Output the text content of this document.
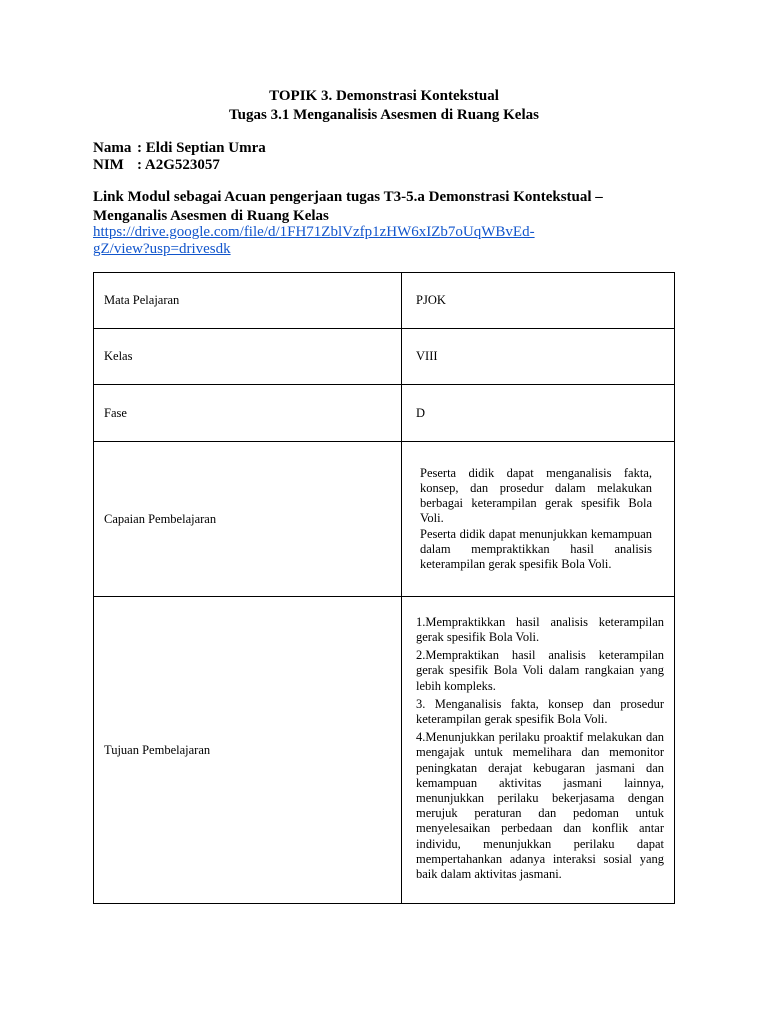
TOPIK 3. Demonstrasi Kontekstual
Tugas 3.1 Menganalisis Asesmen di Ruang Kelas
Nama : Eldi Septian Umra
NIM : A2G523057
Link Modul sebagai Acuan pengerjaan tugas T3-5.a Demonstrasi Kontekstual –
Menganalis Asesmen di Ruang Kelas
https://drive.google.com/file/d/1FH71ZblVzfp1zHW6xIZb7oUqWBvEd-
gZ/view?usp=drivesdk
Mata Pelajaran	PJOK
Kelas	VIII
Fase	D
Capaian Pembelajaran	Peserta didik dapat menganalisis fakta, konsep, dan prosedur dalam melakukan berbagai keterampilan gerak spesifik Bola Voli.

Peserta didik dapat menunjukkan kemampuan dalam mempraktikkan hasil analisis keterampilan gerak spesifik Bola Voli.

Tujuan Pembelajaran	1.Mempraktikkan hasil analisis keterampilan gerak spesifik Bola Voli.

2.Mempraktikan hasil analisis keterampilan gerak spesifik Bola Voli dalam rangkaian yang lebih kompleks.

3. Menganalisis fakta, konsep dan prosedur keterampilan gerak spesifik Bola Voli.

4.Menunjukkan perilaku proaktif melakukan dan mengajak untuk memelihara dan memonitor peningkatan derajat kebugaran jasmani dan kemampuan aktivitas jasmani lainnya, menunjukkan perilaku bekerjasama dengan merujuk peraturan dan pedoman untuk menyelesaikan perbedaan dan konflik antar individu, menunjukkan perilaku dapat mempertahankan adanya interaksi sosial yang baik dalam aktivitas jasmani.
